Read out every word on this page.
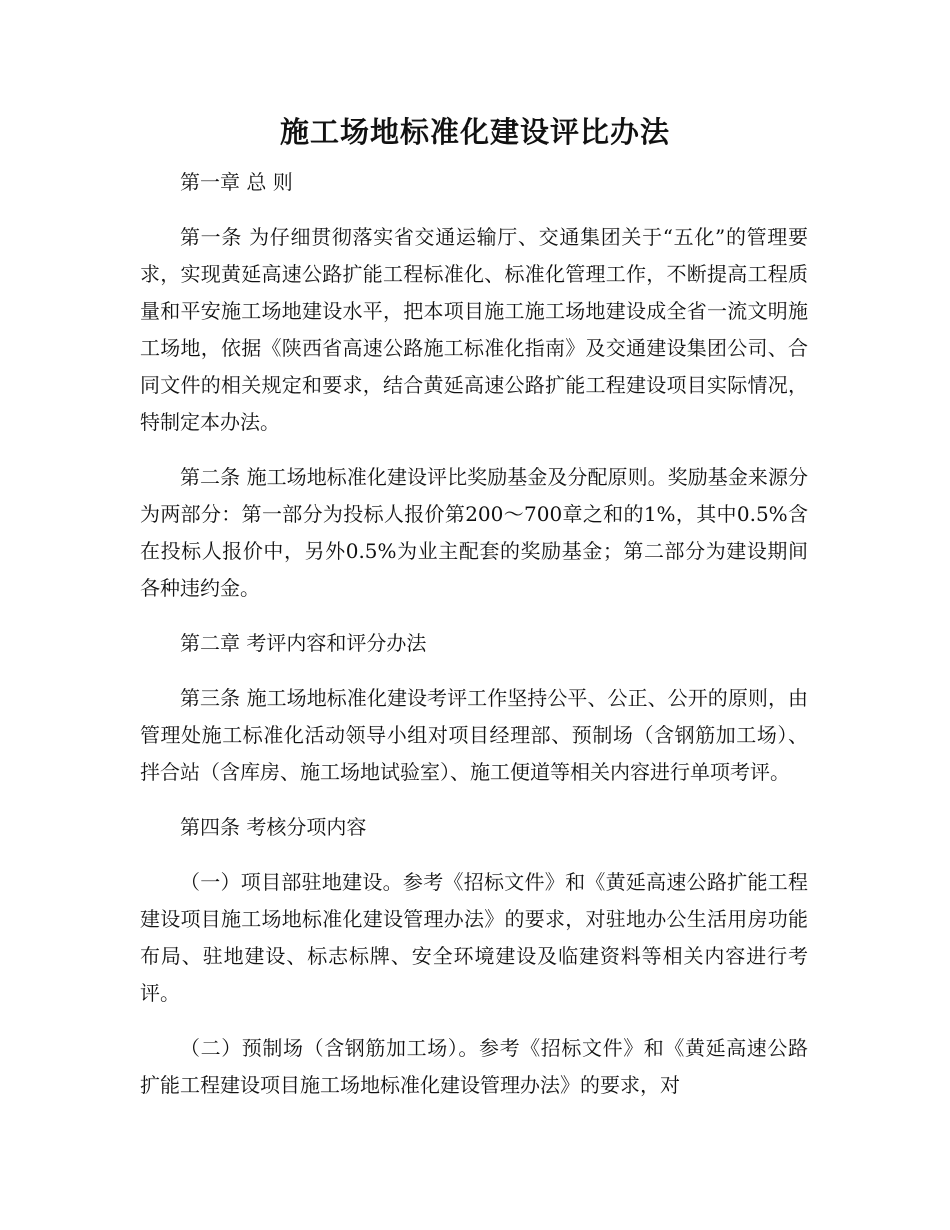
施工场地标准化建设评比办法

第一章 总 则

第一条 为仔细贯彻落实省交通运输厅、交通集团关于“五化”的管理要求，实现黄延高速公路扩能工程标准化、标准化管理工作，不断提高工程质量和平安施工场地建设水平，把本项目施工施工场地建设成全省一流文明施工场地，依据《陕西省高速公路施工标准化指南》及交通建设集团公司、合同文件的相关规定和要求，结合黄延高速公路扩能工程建设项目实际情况，特制定本办法。

第二条 施工场地标准化建设评比奖励基金及分配原则。奖励基金来源分为两部分：第一部分为投标人报价第200～700章之和的1%，其中0.5%含在投标人报价中，另外0.5%为业主配套的奖励基金；第二部分为建设期间各种违约金。

第二章 考评内容和评分办法

第三条 施工场地标准化建设考评工作坚持公平、公正、公开的原则，由管理处施工标准化活动领导小组对项目经理部、预制场（含钢筋加工场）、拌合站（含库房、施工场地试验室）、施工便道等相关内容进行单项考评。

第四条 考核分项内容

（一）项目部驻地建设。参考《招标文件》和《黄延高速公路扩能工程建设项目施工场地标准化建设管理办法》的要求，对驻地办公生活用房功能布局、驻地建设、标志标牌、安全环境建设及临建资料等相关内容进行考评。

（二）预制场（含钢筋加工场）。参考《招标文件》和《黄延高速公路扩能工程建设项目施工场地标准化建设管理办法》的要求，对
